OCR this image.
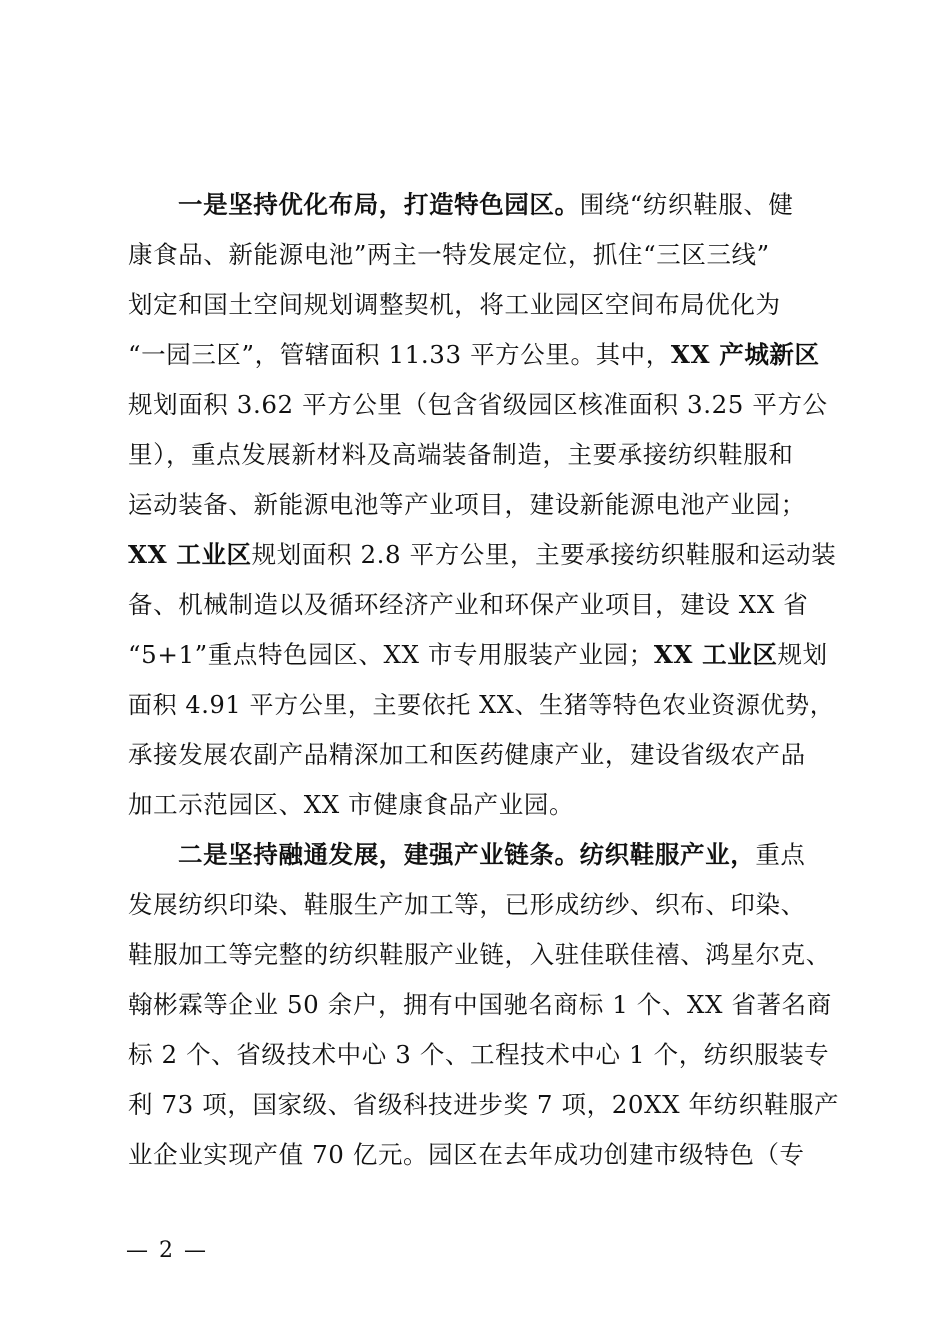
一是坚持优化布局，打造特色园区。围绕“纺织鞋服、健
康食品、新能源电池”两主一特发展定位，抓住“三区三线”
划定和国土空间规划调整契机，将工业园区空间布局优化为
“一园三区”，管辖面积 11.33 平方公里。其中，XX 产城新区
规划面积 3.62 平方公里（包含省级园区核准面积 3.25 平方公
里），重点发展新材料及高端装备制造，主要承接纺织鞋服和
运动装备、新能源电池等产业项目，建设新能源电池产业园；
XX 工业区规划面积 2.8 平方公里，主要承接纺织鞋服和运动装
备、机械制造以及循环经济产业和环保产业项目，建设 XX 省
“5+1”重点特色园区、XX 市专用服装产业园；XX 工业区规划
面积 4.91 平方公里，主要依托 XX、生猪等特色农业资源优势，
承接发展农副产品精深加工和医药健康产业，建设省级农产品
加工示范园区、XX 市健康食品产业园。
二是坚持融通发展，建强产业链条。纺织鞋服产业，重点
发展纺织印染、鞋服生产加工等，已形成纺纱、织布、印染、
鞋服加工等完整的纺织鞋服产业链，入驻佳联佳禧、鸿星尔克、
翰彬霖等企业 50 余户，拥有中国驰名商标 1 个、XX 省著名商
标 2 个、省级技术中心 3 个、工程技术中心 1 个，纺织服装专
利 73 项，国家级、省级科技进步奖 7 项，20XX 年纺织鞋服产
业企业实现产值 70 亿元。园区在去年成功创建市级特色（专
— 2 —
